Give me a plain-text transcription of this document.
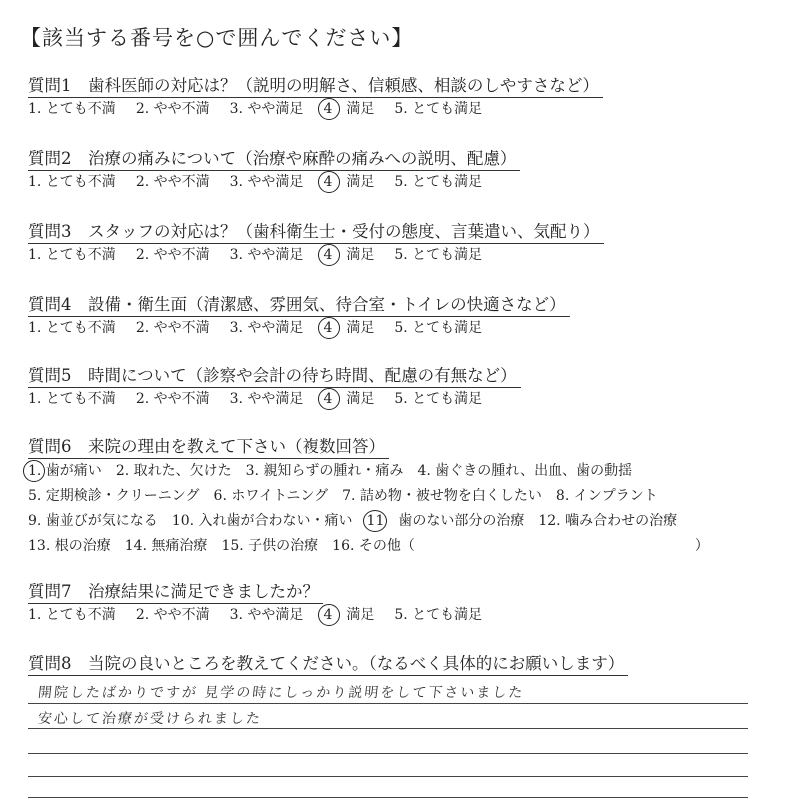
【該当する番号を○で囲んでください】
質問1　歯科医師の対応は？（説明の明解さ、信頼感、相談のしやすさなど）
1. とても不満 2. やや不満 3. やや満足 4　 満足 5. とても満足
質問2　治療の痛みについて（治療や麻酔の痛みへの説明、配慮）
1. とても不満 2. やや不満 3. やや満足 4　 満足 5. とても満足
質問3　スタッフの対応は？（歯科衛生士・受付の態度、言葉遣い、気配り）
1. とても不満 2. やや不満 3. やや満足 4　 満足 5. とても満足
質問4　設備・衛生面（清潔感、雰囲気、待合室・トイレの快適さなど）
1. とても不満 2. やや不満 3. やや満足 4　 満足 5. とても満足
質問5　時間について（診察や会計の待ち時間、配慮の有無など）
1. とても不満 2. やや不満 3. やや満足 4　 満足 5. とても満足
質問6　来院の理由を教えて下さい（複数回答）
1. 歯が痛い 2. 取れた、欠けた 3. 親知らずの腫れ・痛み 4. 歯ぐきの腫れ、出血、歯の動揺
5. 定期検診・クリーニング 6. ホワイトニング 7. 詰め物・被せ物を白くしたい 8. インプラント
9. 歯並びが気になる 10. 入れ歯が合わない・痛い 11　 歯のない部分の治療 12. 噛み合わせの治療
13. 根の治療 14. 無痛治療 15. 子供の治療 16. その他（　　　　　　　　　　　　　　　　　　　　）
質問7　治療結果に満足できましたか？
1. とても不満 2. やや不満 3. やや満足 4　 満足 5. とても満足
質問8　当院の良いところを教えてください。（なるべく具体的にお願いします）
開院したばかりですが 見学の時にしっかり説明をして下さいました
安心して治療が受けられました
